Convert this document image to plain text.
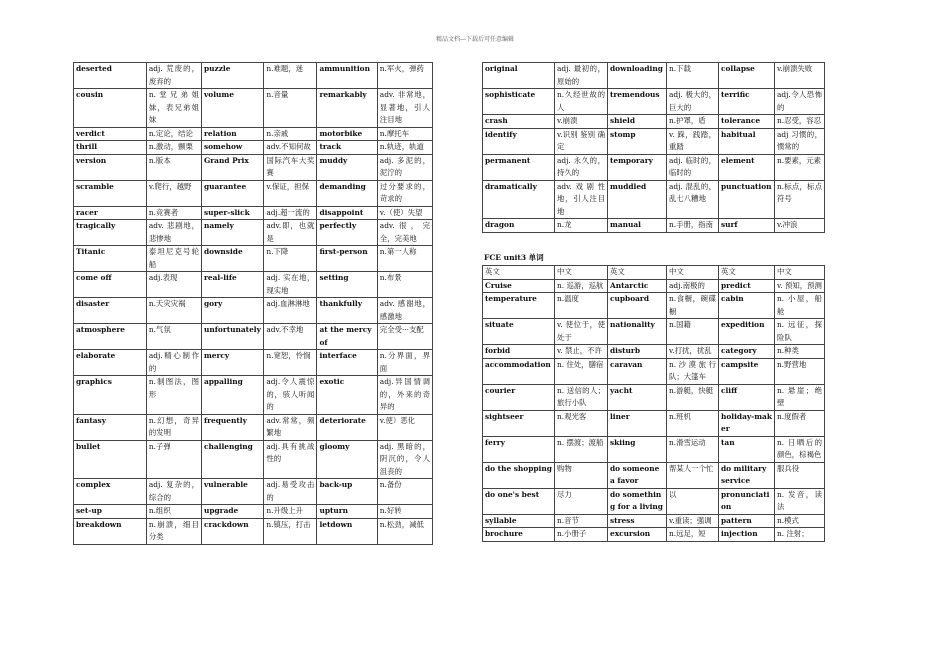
精品文档---下载后可任意编辑
deserted	adj. 荒废的，废弃的	puzzle	n.难题，迷	ammunition	n.军火，弹药
cousin	n.堂兄弟姐妹，表兄弟姐妹	volume	n.音量	remarkably	adv. 非常地，显著地，引人注目地
verdict	n.定论，结论	relation	n.亲戚	motorbike	n.摩托车
thrill	n.激动，颤栗	somehow	adv.不知何故	track	n.轨迹，轨道
version	n.版本	Grand Prix	国际汽车大奖赛	muddy	adj. 多泥的，泥泞的
scramble	v.爬行，越野	guarantee	v.保证，担保	demanding	过分要求的，苛求的
racer	n.竞赛者	super-slick	adj.超一流的	disappoint	v.（使）失望
tragically	adv. 悲剧地，悲惨地	namely	adv.即，也就是	perfectly	adv.很，完全，完美地
Titanic	泰坦尼克号轮船	downside	n.下降	first-person	n.第一人称
come off	adj.表现	real-life	adj. 实在地，现实地	setting	n.布景
disaster	n.天灾灾祸	gory	adj.血淋淋地	thankfully	adv. 感谢地，感激地
atmosphere	n.气氛	unfortunately	adv.不幸地	at the mercy of	完全受···支配
elaborate	adj.精心制作的	mercy	n.宽恕，怜悯	interface	n.分界面，界面
graphics	n.制图法，图形	appalling	adj.令人震惊的，骇人听闻的	exotic	adj.异国情调的，外来的奇异的
fantasy	n.幻想，奇异的发明	frequently	adv.常常，频繁地	deteriorate	v.使）恶化
bullet	n.子弹	challenging	adj.具有挑战性的	gloomy	adj. 黑暗的，阴沉的，令人沮丧的
complex	adj. 复杂的，综合的	vulnerable	adj.易受攻击的	back-up	n.备份
set-up	n.组织	upgrade	n.升级上升	upturn	n.好转
breakdown	n.崩溃，细目分类	crackdown	n.镇压，打击	letdown	n.松劲，减低
original	adj. 最初的，原始的	downloading	n.下载	collapse	v.崩溃失败
sophisticate	n.久经世故的人	tremendous	adj. 极大的，巨大的	terrific	adj.令人恐怖的
crash	v.崩溃	shield	n.护罩，盾	tolerance	n.忍受，容忍
identify	v.识别 鉴别 确定	stomp	v. 跺，践踏，重踏	habitual	adj 习惯的，惯常的
permanent	adj. 永久的，持久的	temporary	adj. 临时的，临时的	element	n.要素，元素
dramatically	adv.戏剧性地，引人注目地	muddled	adj. 混乱的，乱七八糟地	punctuation	n.标点，标点符号
dragon	n.龙	manual	n.手册，指南	surf	v.冲浪
FCE unit3 单词
英文	中文	英文	中文	英文	中文
Cruise	n. 巡游，巡航	Antarctic	adj.南极的	predict	v. 预知，预测
temperature	n.温度	cupboard	n.食橱，碗碟橱	cabin	n. 小屋，船舱
situate	v. 使位于，使处于	nationality	n.国籍	expedition	n. 远征，探险队
forbid	v. 禁止，不许	disturb	v.打扰，扰乱	category	n.种类
accommodation	n. 住处，膳宿	caravan	n.沙漠旅行队；大篷车	campsite	n.野营地
courier	n. 送信的人；旅行小队	yacht	n.游艇，快艇	cliff	n. 悬崖；绝壁
sightseer	n.观光客	liner	n.班机	holiday-maker	n.度假者
ferry	n. 摆渡；渡船	skiing	n.滑雪运动	tan	n. 日晒后的颜色，棕褐色
do the shopping	购物	do someone a favor	帮某人一个忙	do military service	服兵役
do one's best	尽力	do something for a living	以	pronunciation	n. 发音，读法
syllable	n.音节	stress	v.重读；强调	pattern	n.模式
brochure	n.小册子	excursion	n.远足，短	injection	n. 注射；
